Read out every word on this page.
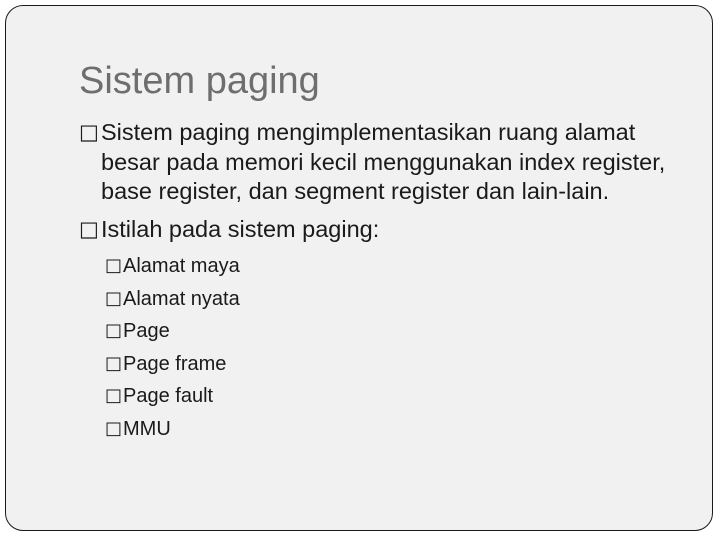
Sistem paging
□ Sistem paging mengimplementasikan ruang alamat besar pada memori kecil menggunakan index register, base register, dan segment register dan lain-lain.
□ Istilah pada sistem paging:
□ Alamat maya
□ Alamat nyata
□ Page
□ Page frame
□ Page fault
□ MMU
